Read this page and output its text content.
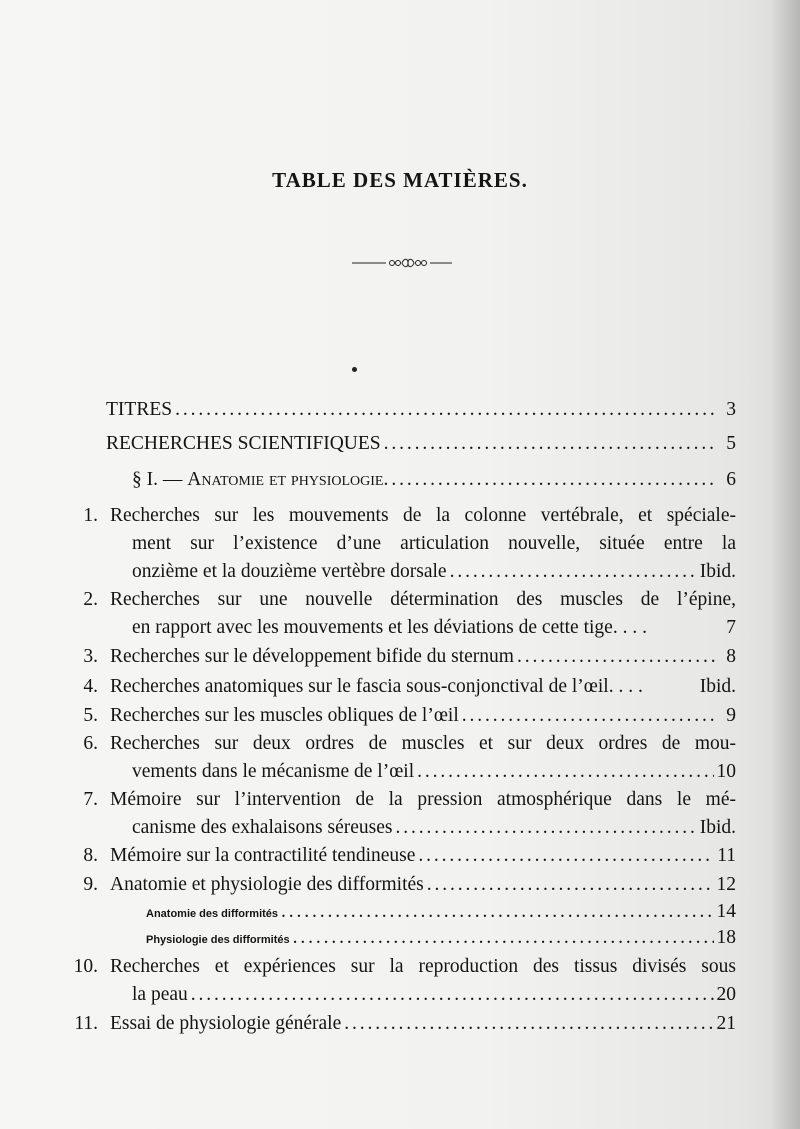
TABLE DES MATIÈRES.
TITRES . . .	3
RECHERCHES SCIENTIFIQUES . . .	5
§ I. — Anatomie et physiologie. . . .	6
1. Recherches sur les mouvements de la colonne vertébrale, et spéciale-
ment sur l’existence d’une articulation nouvelle, située entre la
onzième et la douzième vertèbre dorsale . . .	Ibid.
2. Recherches sur une nouvelle détermination des muscles de l’épine,
en rapport avec les mouvements et les déviations de cette tige. . . .	7
3. Recherches sur le développement bifide du sternum . . .	8
4. Recherches anatomiques sur le fascia sous-conjonctival de l’œil. . . .	Ibid.
5. Recherches sur les muscles obliques de l’œil . . .	9
6. Recherches sur deux ordres de muscles et sur deux ordres de mou-
vements dans le mécanisme de l’œil . . .	10
7. Mémoire sur l’intervention de la pression atmosphérique dans le mé-
canisme des exhalaisons séreuses . . .	Ibid.
8. Mémoire sur la contractilité tendineuse . . .	11
9. Anatomie et physiologie des difformités . . .	12
Anatomie des difformités . . .	14
Physiologie des difformités . . .	18
10. Recherches et expériences sur la reproduction des tissus divisés sous
la peau . . .	20
11. Essai de physiologie générale . . .	21
